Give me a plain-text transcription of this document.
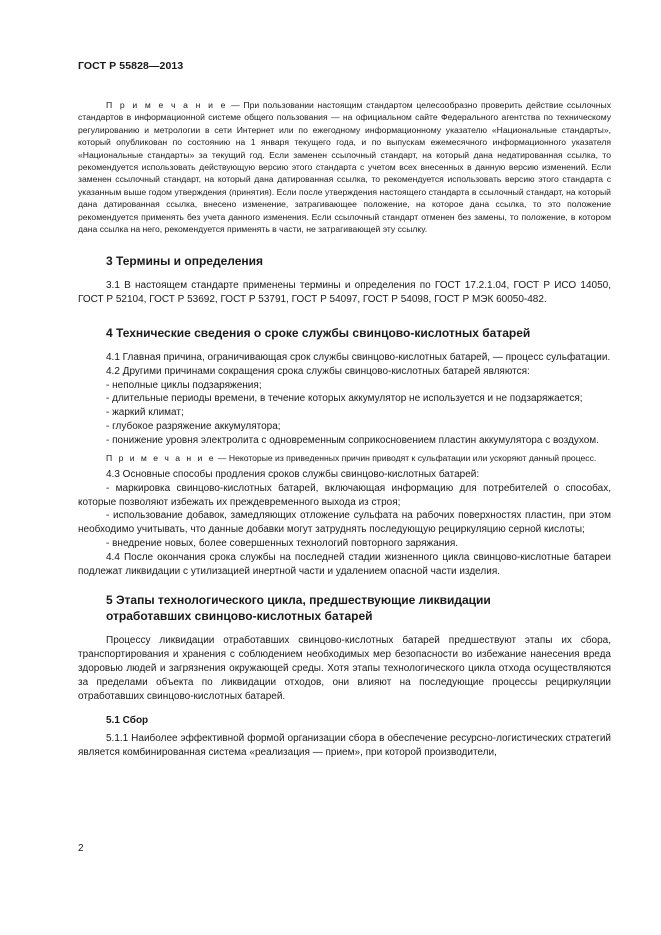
ГОСТ Р 55828—2013

П р и м е ч а н и е — При пользовании настоящим стандартом целесообразно проверить действие ссылочных стандартов в информационной системе общего пользования — на официальном сайте Федерального агентства по техническому регулированию и метрологии в сети Интернет или по ежегодному информационному указателю «Национальные стандарты», который опубликован по состоянию на 1 января текущего года, и по выпускам ежемесячного информационного указателя «Национальные стандарты» за текущий год. Если заменен ссылочный стандарт, на который дана недатированная ссылка, то рекомендуется использовать действующую версию этого стандарта с учетом всех внесенных в данную версию изменений. Если заменен ссылочный стандарт, на который дана датированная ссылка, то рекомендуется использовать версию этого стандарта с указанным выше годом утверждения (принятия). Если после утверждения настоящего стандарта в ссылочный стандарт, на который дана датированная ссылка, внесено изменение, затрагивающее положение, на которое дана ссылка, то это положение рекомендуется применять без учета данного изменения. Если ссылочный стандарт отменен без замены, то положение, в котором дана ссылка на него, рекомендуется применять в части, не затрагивающей эту ссылку.

3 Термины и определения

3.1 В настоящем стандарте применены термины и определения по ГОСТ 17.2.1.04, ГОСТ Р ИСО 14050, ГОСТ Р 52104, ГОСТ Р 53692, ГОСТ Р 53791, ГОСТ Р 54097, ГОСТ Р 54098, ГОСТ Р МЭК 60050-482.

4 Технические сведения о сроке службы свинцово-кислотных батарей

4.1 Главная причина, ограничивающая срок службы свинцово-кислотных батарей, — процесс сульфатации.

4.2 Другими причинами сокращения срока службы свинцово-кислотных батарей являются:

- неполные циклы подзаряжения;

- длительные периоды времени, в течение которых аккумулятор не используется и не подзаряжается;

- жаркий климат;

- глубокое разряжение аккумулятора;

- понижение уровня электролита с одновременным соприкосновением пластин аккумулятора с воздухом.

П р и м е ч а н и е — Некоторые из приведенных причин приводят к сульфатации или ускоряют данный процесс.

4.3 Основные способы продления сроков службы свинцово-кислотных батарей:

- маркировка свинцово-кислотных батарей, включающая информацию для потребителей о способах, которые позволяют избежать их преждевременного выхода из строя;

- использование добавок, замедляющих отложение сульфата на рабочих поверхностях пластин, при этом необходимо учитывать, что данные добавки могут затруднять последующую рециркуляцию серной кислоты;

- внедрение новых, более совершенных технологий повторного заряжания.

4.4 После окончания срока службы на последней стадии жизненного цикла свинцово-кислотные батареи подлежат ликвидации с утилизацией инертной части и удалением опасной части изделия.

5 Этапы технологического цикла, предшествующие ликвидации
отработавших свинцово-кислотных батарей

Процессу ликвидации отработавших свинцово-кислотных батарей предшествуют этапы их сбора, транспортирования и хранения с соблюдением необходимых мер безопасности во избежание нанесения вреда здоровью людей и загрязнения окружающей среды. Хотя этапы технологического цикла отхода осуществляются за пределами объекта по ликвидации отходов, они влияют на последующие процессы рециркуляции отработавших свинцово-кислотных батарей.

5.1 Сбор

5.1.1 Наиболее эффективной формой организации сбора в обеспечение ресурсно-логистических стратегий является комбинированная система «реализация — прием», при которой производители,

2
